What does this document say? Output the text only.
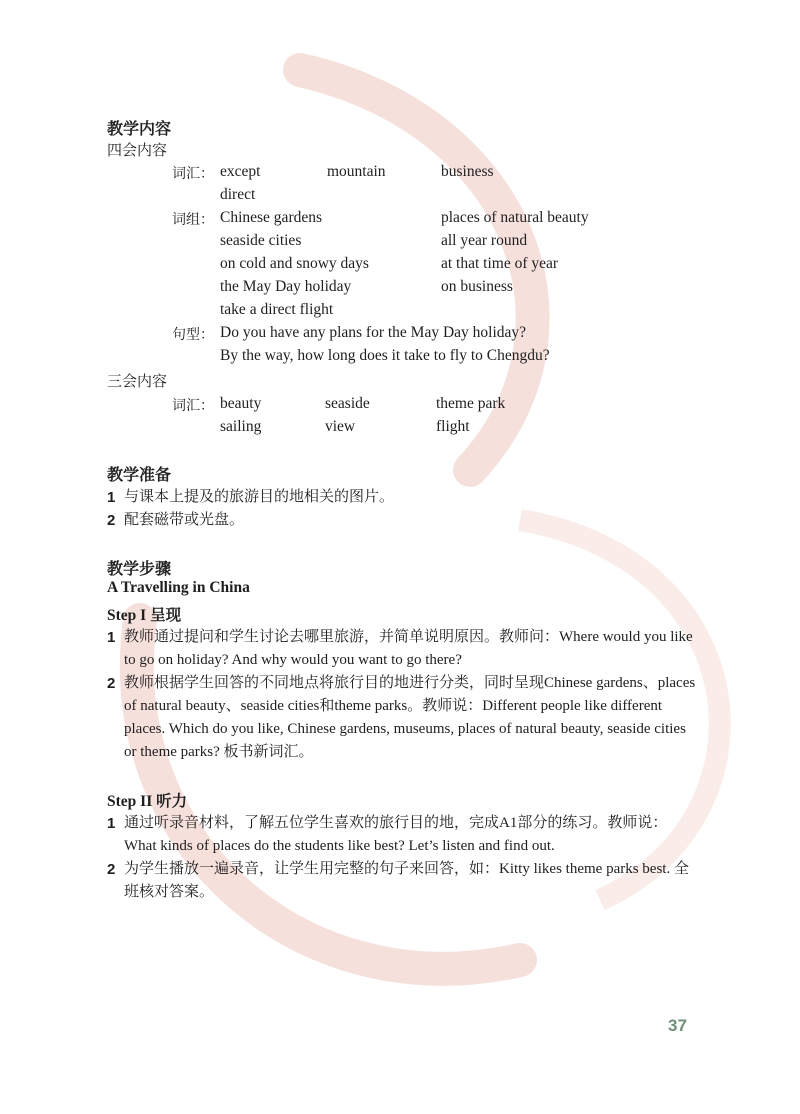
教学内容
四会内容
词汇： except	mountain	business
direct
词组： Chinese gardens	places of natural beauty
seaside cities	all year round
on cold and snowy days	at that time of year
the May Day holiday	on business
take a direct flight
句型： Do you have any plans for the May Day holiday?
By the way, how long does it take to fly to Chengdu?
三会内容
词汇： beauty	seaside	theme park
sailing	view	flight
教学准备
1 与课本上提及的旅游目的地相关的图片。
2 配套磁带或光盘。
教学步骤
A Travelling in China
Step I 呈现
1 教师通过提问和学生讨论去哪里旅游，并简单说明原因。教师问：Where would you like to go on holiday? And why would you want to go there?
2 教师根据学生回答的不同地点将旅行目的地进行分类，同时呈现Chinese gardens、places of natural beauty、seaside cities和theme parks。教师说：Different people like different places. Which do you like, Chinese gardens, museums, places of natural beauty, seaside cities or theme parks? 板书新词汇。
Step II 听力
1 通过听录音材料，了解五位学生喜欢的旅行目的地，完成A1部分的练习。教师说：What kinds of places do the students like best? Let’s listen and find out.
2 为学生播放一遍录音，让学生用完整的句子来回答，如：Kitty likes theme parks best. 全班核对答案。
37
